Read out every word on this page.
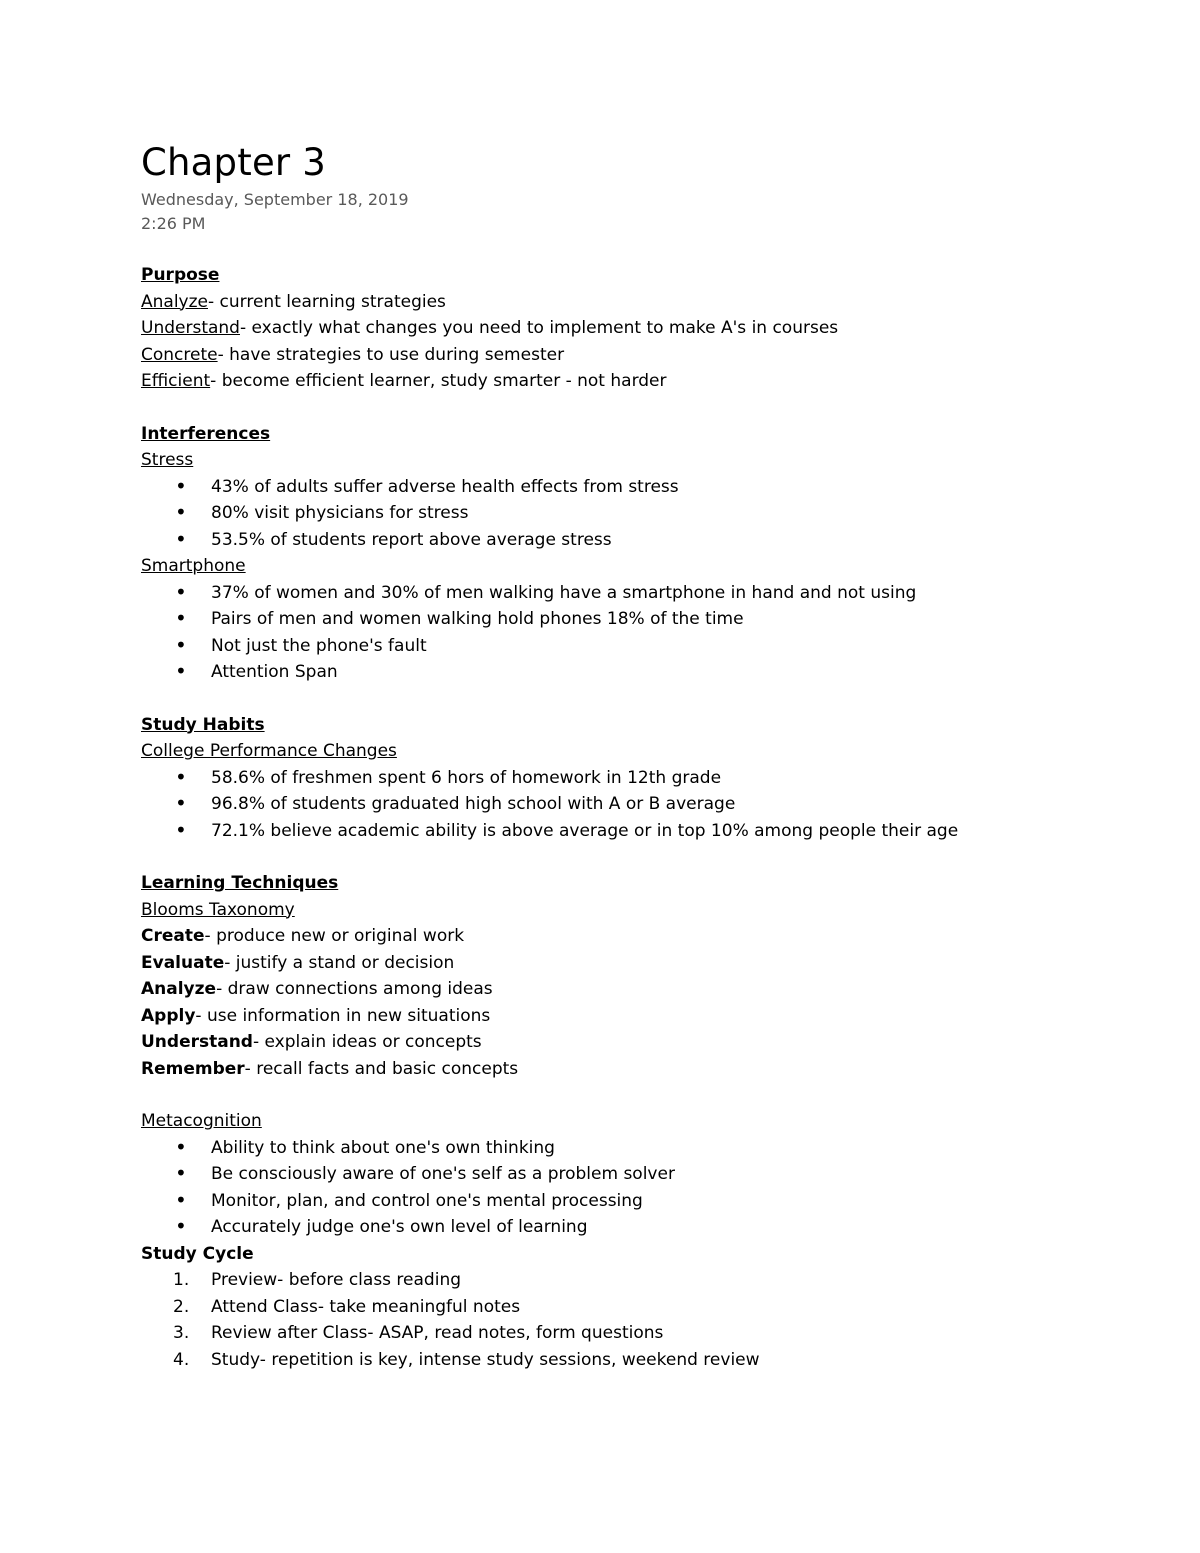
Chapter 3
Wednesday, September 18, 2019
2:26 PM
Purpose
Analyze- current learning strategies
Understand- exactly what changes you need to implement to make A's in courses
Concrete- have strategies to use during semester
Efficient- become efficient learner, study smarter - not harder
Interferences
Stress
• 43% of adults suffer adverse health effects from stress
• 80% visit physicians for stress
• 53.5% of students report above average stress
Smartphone
• 37% of women and 30% of men walking have a smartphone in hand and not using
• Pairs of men and women walking hold phones 18% of the time
• Not just the phone's fault
• Attention Span
Study Habits
College Performance Changes
• 58.6% of freshmen spent 6 hors of homework in 12th grade
• 96.8% of students graduated high school with A or B average
• 72.1% believe academic ability is above average or in top 10% among people their age
Learning Techniques
Blooms Taxonomy
Create- produce new or original work
Evaluate- justify a stand or decision
Analyze- draw connections among ideas
Apply- use information in new situations
Understand- explain ideas or concepts
Remember- recall facts and basic concepts
Metacognition
• Ability to think about one's own thinking
• Be consciously aware of one's self as a problem solver
• Monitor, plan, and control one's mental processing
• Accurately judge one's own level of learning
Study Cycle
1. Preview- before class reading
2. Attend Class- take meaningful notes
3. Review after Class- ASAP, read notes, form questions
4. Study- repetition is key, intense study sessions, weekend review
